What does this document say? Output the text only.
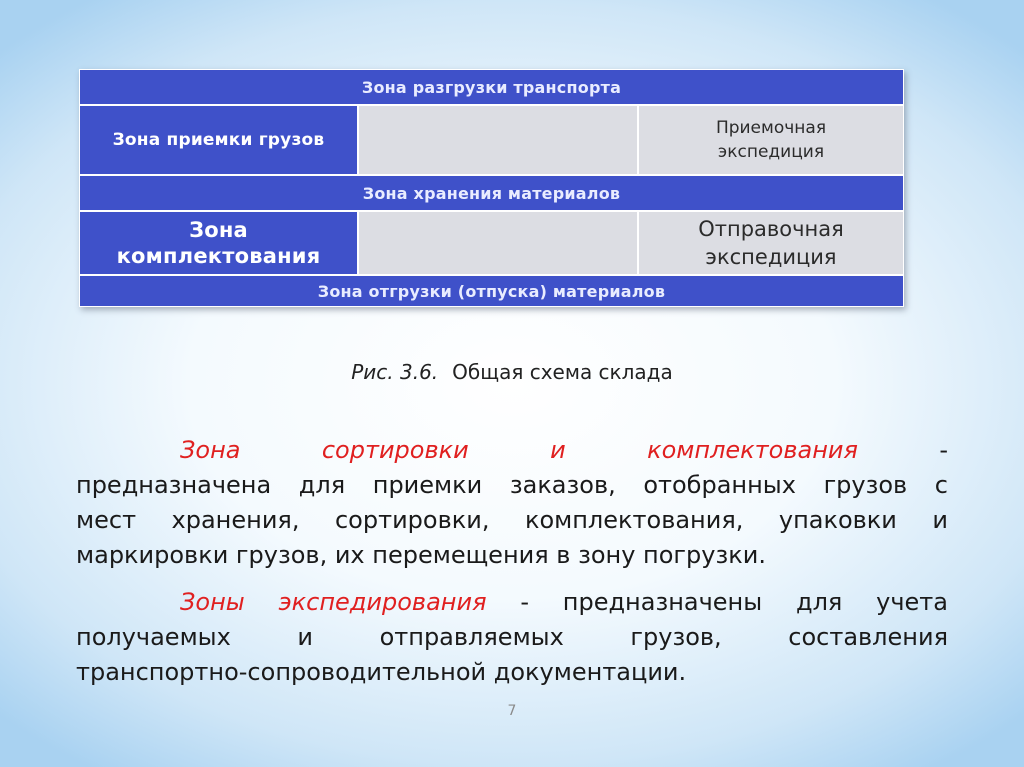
Зона разгрузки транспорта
Зона приемки грузов
Приемочная
экспедиция
Зона хранения материалов
Зона
комплектования
Отправочная
экспедиция
Зона отгрузки (отпуска) материалов
Рис. 3.6. Общая схема склада
Зона сортировки и комплектования	-
предназначена для приемки заказов, отобранных грузов с
мест хранения, сортировки, комплектования, упаковки и
маркировки грузов, их перемещения в зону погрузки.
Зоны экспедирования - предназначены для учета
получаемых и отправляемых грузов, составления
транспортно-сопроводительной документации.
7
